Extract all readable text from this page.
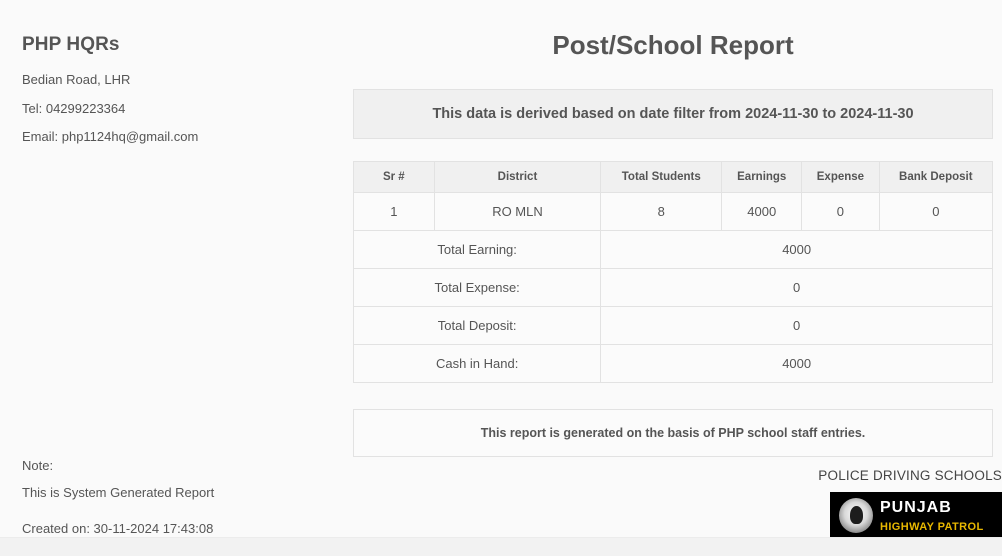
PHP HQRs
Bedian Road, LHR
Tel: 04299223364
Email: php1124hq@gmail.com
Post/School Report
This data is derived based on date filter from 2024-11-30 to 2024-11-30
Sr #	District	Total Students	Earnings	Expense	Bank Deposit
1	RO MLN	8	4000	0	0
Total Earning:		4000			
Total Expense:		0			
Total Deposit:		0			
Cash in Hand:		4000			
This report is generated on the basis of PHP school staff entries.
Note:
This is System Generated Report
Created on: 30-11-2024 17:43:08
POLICE DRIVING SCHOOLS
PUNJAB
HIGHWAY PATROL
